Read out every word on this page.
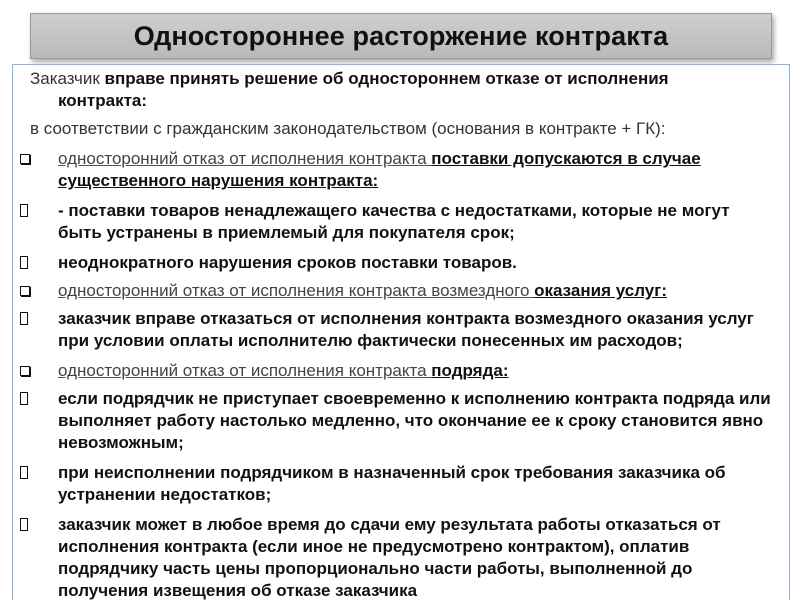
Одностороннее расторжение контракта

Заказчик вправе принять решение об одностороннем отказе от исполнения
контракта:

в соответствии с гражданским законодательством (основания в контракте + ГК):

односторонний отказ от исполнения контракта поставки допускаются в случае существенного нарушения контракта:
- поставки товаров ненадлежащего качества с недостатками, которые не могут быть устранены в приемлемый для покупателя срок;
неоднократного нарушения сроков поставки товаров.
односторонний отказ от исполнения контракта возмездного оказания услуг:
заказчик вправе отказаться от исполнения контракта возмездного оказания услуг при условии оплаты исполнителю фактически понесенных им расходов;
односторонний отказ от исполнения контракта подряда:
если подрядчик не приступает своевременно к исполнению контракта подряда или выполняет работу настолько медленно, что окончание ее к сроку становится явно невозможным;
при неисполнении подрядчиком в назначенный срок требования заказчика об устранении недостатков;
заказчик может в любое время до сдачи ему результата работы отказаться от исполнения контракта (если иное не предусмотрено контрактом), оплатив подрядчику часть цены пропорционально части работы, выполненной до получения извещения об отказе заказчика
